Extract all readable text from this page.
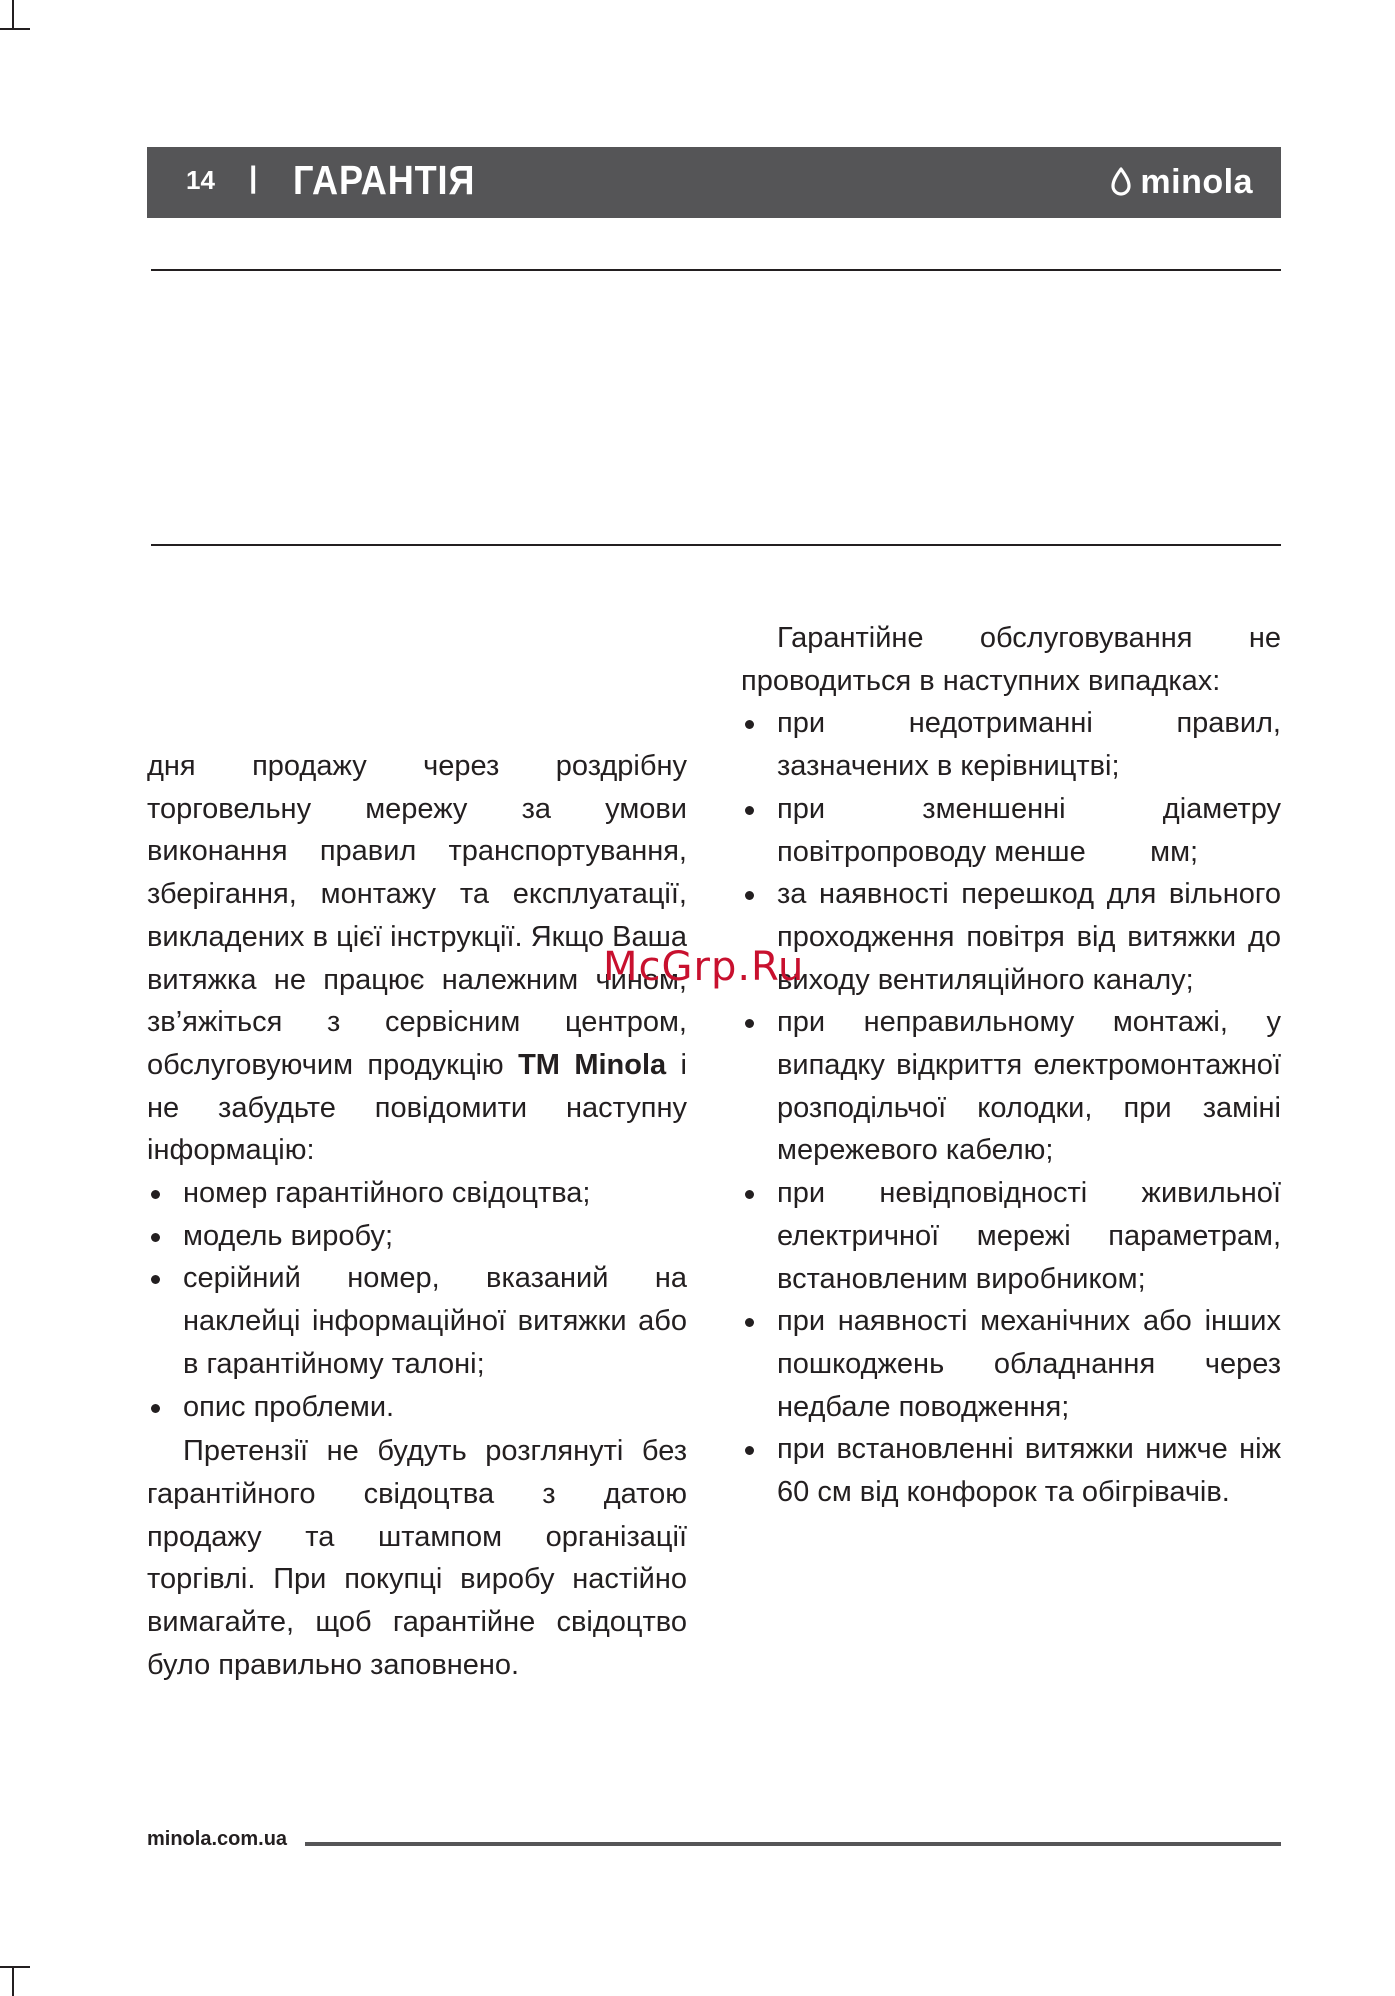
14 | ГАРАНТІЯ	minola

дня продажу через роздрібну торговельну мережу за умови виконання правил транспортування, зберігання, монтажу та експлуатації, викладених в цієї інструкції. Якщо Ваша витяжка не працює належним чином, зв’яжіться з сервісним центром, обслуговуючим продукцію ТМ Minola і не забудьте повідомити наступну інформацію:

номер гарантійного свідоцтва;
модель виробу;
серійний номер, вказаний на наклейці інформаційної витяжки або в гарантійному талоні;
опис проблеми.

Претензії не будуть розглянуті без гарантійного свідоцтва з датою продажу та штампом організації торгівлі. При покупці виробу настійно вимагайте, щоб гарантійне свідоцтво було правильно заповнено.

Гарантійне обслуговування не проводиться в наступних випадках:

при недотриманні правил, зазначених в керівництві;
при зменшенні діаметру повітропроводу менше        мм;
за наявності перешкод для вільного проходження повітря від витяжки до виходу вентиляційного каналу;
при неправильному монтажі, у випадку відкриття електромонтажної розподільчої колодки, при заміні мережевого кабелю;
при невідповідності живильної електричної мережі параметрам, встановленим виробником;
при наявності механічних або інших пошкоджень обладнання через недбале поводження;
при встановленні витяжки нижче ніж 60 см від конфорок та обігрівачів.
McGrp.Ru
minola.com.ua
